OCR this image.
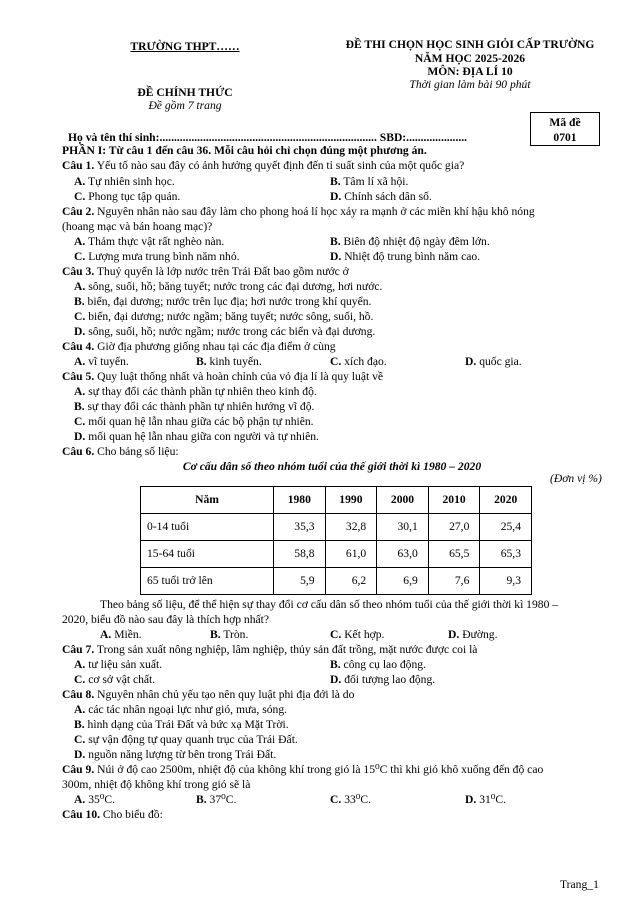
TRƯỜNG THPT……	ĐỀ THI CHỌN HỌC SINH GIỎI CẤP TRƯỜNG
NĂM HỌC 2025-2026
MÔN: ĐỊA LÍ 10
ĐỀ CHÍNH THỨC
Thời gian làm bài 90 phút
Đề gồm 7 trang
Mã đề
0701
Họ và tên thí sinh:........................................................................... SBD:.....................
PHẦN I: Từ câu 1 đến câu 36. Mỗi câu hỏi chỉ chọn đúng một phương án.
Câu 1. Yếu tố nào sau đây có ảnh hưởng quyết định đến tỉ suất sinh của một quốc gia?
A. Tự nhiên sinh học.	B. Tâm lí xã hội.
C. Phong tục tập quán.	D. Chính sách dân số.
Câu 2. Nguyên nhân nào sau đây làm cho phong hoá lí học xảy ra mạnh ở các miền khí hậu khô nóng
(hoang mạc và bán hoang mạc)?
A. Thảm thực vật rất nghèo nàn.	B. Biên độ nhiệt độ ngày đêm lớn.
C. Lượng mưa trung bình năm nhỏ.	D. Nhiệt độ trung bình năm cao.
Câu 3. Thuỷ quyển là lớp nước trên Trái Đất bao gồm nước ở
A. sông, suối, hồ; băng tuyết; nước trong các đại dương, hơi nước.
B. biển, đại dương; nước trên lục địa; hơi nước trong khí quyển.
C. biển, đại dương; nước ngầm; băng tuyết; nước sông, suối, hồ.
D. sông, suối, hồ; nước ngầm; nước trong các biển và đại dương.
Câu 4. Giờ địa phương giống nhau tại các địa điểm ở cùng
A. vĩ tuyến.	B. kinh tuyến.	C. xích đạo.	D. quốc gia.
Câu 5. Quy luật thống nhất và hoàn chỉnh của vỏ địa lí là quy luật về
A. sự thay đổi các thành phần tự nhiên theo kinh độ.
B. sự thay đổi các thành phần tự nhiên hướng vĩ độ.
C. mối quan hệ lẫn nhau giữa các bộ phận tự nhiên.
D. mối quan hệ lẫn nhau giữa con người và tự nhiên.
Câu 6. Cho bảng số liệu:
Cơ cấu dân số theo nhóm tuổi của thế giới thời kì 1980 – 2020
(Đơn vị %)
Năm	1980	1990	2000	2010	2020
0-14 tuổi	35,3	32,8	30,1	27,0	25,4
15-64 tuổi	58,8	61,0	63,0	65,5	65,3
65 tuổi trở lên	5,9	6,2	6,9	7,6	9,3
Theo bảng số liệu, để thể hiện sự thay đổi cơ cấu dân số theo nhóm tuổi của thế giới thời kì 1980 –
2020, biểu đồ nào sau đây là thích hợp nhất?
A. Miền.	B. Tròn.	C. Kết hợp.	D. Đường.
Câu 7. Trong sản xuất nông nghiệp, lâm nghiệp, thủy sản đất trồng, mặt nước được coi là
A. tư liệu sản xuất.	B. công cụ lao động.
C. cơ sở vật chất.	D. đối tượng lao động.
Câu 8. Nguyên nhân chủ yếu tạo nên quy luật phi địa đới là do
A. các tác nhân ngoại lực như gió, mưa, sóng.
B. hình dạng của Trái Đất và bức xạ Mặt Trời.
C. sự vận động tự quay quanh trục của Trái Đất.
D. nguồn năng lượng từ bên trong Trái Đất.
Câu 9. Núi ở độ cao 2500m, nhiệt độ của không khí trong gió là 15⁰C thì khi gió khô xuống đến độ cao
300m, nhiệt độ không khí trong gió sẽ là
A. 35⁰C.	B. 37⁰C.	C. 33⁰C.	D. 31⁰C.
Câu 10. Cho biểu đồ:
Trang_1
